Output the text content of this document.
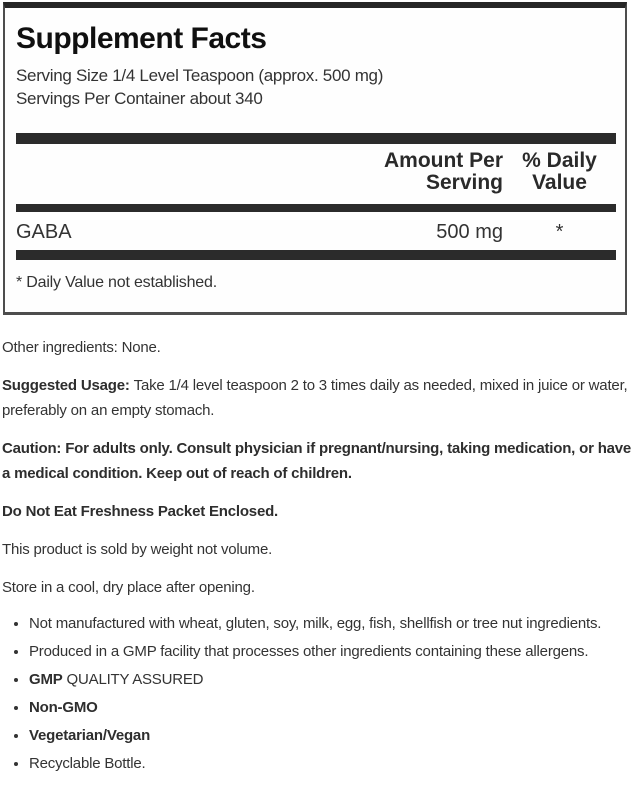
Supplement Facts
Serving Size 1/4 Level Teaspoon (approx. 500 mg)
Servings Per Container about 340
Amount Per Serving
% Daily Value
GABA	500 mg	*

* Daily Value not established.

Other ingredients: None.

Suggested Usage: Take 1/4 level teaspoon 2 to 3 times daily as needed, mixed in juice or water, preferably on an empty stomach.

Caution: For adults only. Consult physician if pregnant/nursing, taking medication, or have a medical condition. Keep out of reach of children.

Do Not Eat Freshness Packet Enclosed.

This product is sold by weight not volume.

Store in a cool, dry place after opening.

• Not manufactured with wheat, gluten, soy, milk, egg, fish, shellfish or tree nut ingredients.
• Produced in a GMP facility that processes other ingredients containing these allergens.
• GMP QUALITY ASSURED
• Non-GMO
• Vegetarian/Vegan
• Recyclable Bottle.
